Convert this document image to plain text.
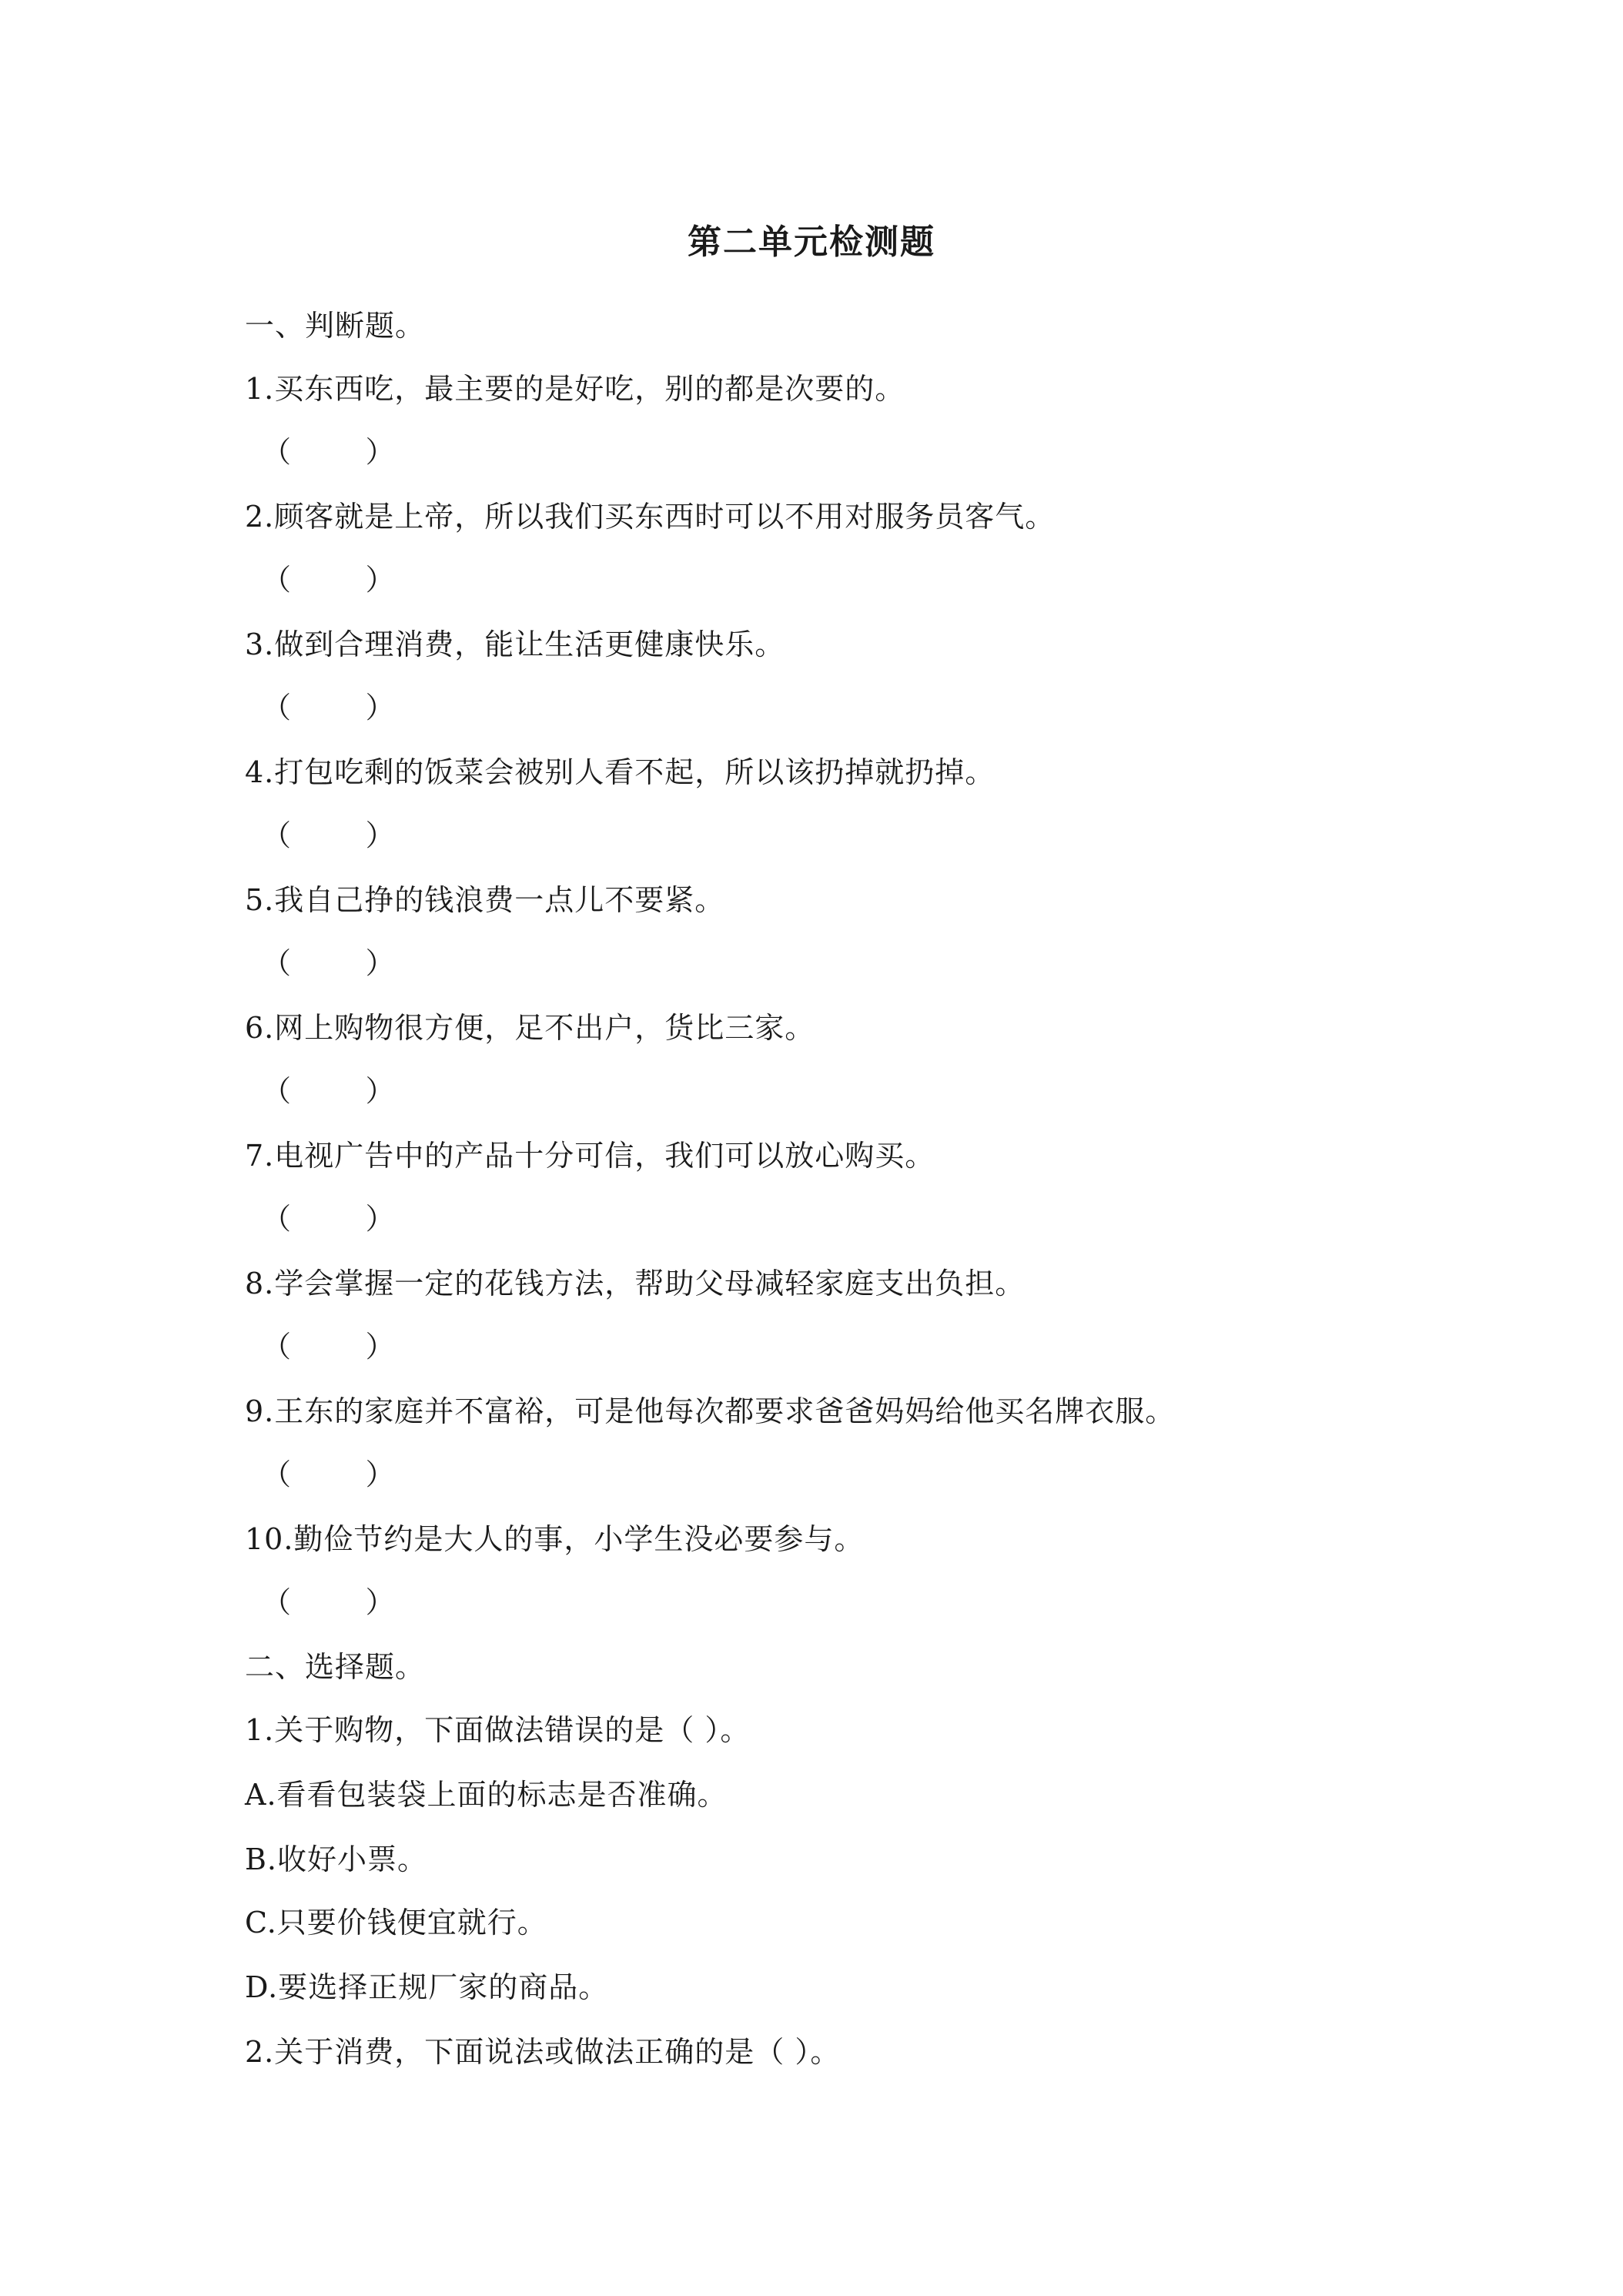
第二单元检测题
一、判断题。
1.买东西吃，最主要的是好吃，别的都是次要的。
（        ）
2.顾客就是上帝，所以我们买东西时可以不用对服务员客气。
（        ）
3.做到合理消费，能让生活更健康快乐。
（        ）
4.打包吃剩的饭菜会被别人看不起，所以该扔掉就扔掉。
（        ）
5.我自己挣的钱浪费一点儿不要紧。
（        ）
6.网上购物很方便，足不出户，货比三家。
（        ）
7.电视广告中的产品十分可信，我们可以放心购买。
（        ）
8.学会掌握一定的花钱方法，帮助父母减轻家庭支出负担。
（        ）
9.王东的家庭并不富裕，可是他每次都要求爸爸妈妈给他买名牌衣服。
（        ）
10.勤俭节约是大人的事，小学生没必要参与。
（        ）
二、选择题。
1.关于购物，下面做法错误的是（ ）。
A.看看包装袋上面的标志是否准确。
B.收好小票。
C.只要价钱便宜就行。
D.要选择正规厂家的商品。
2.关于消费，下面说法或做法正确的是（ ）。
